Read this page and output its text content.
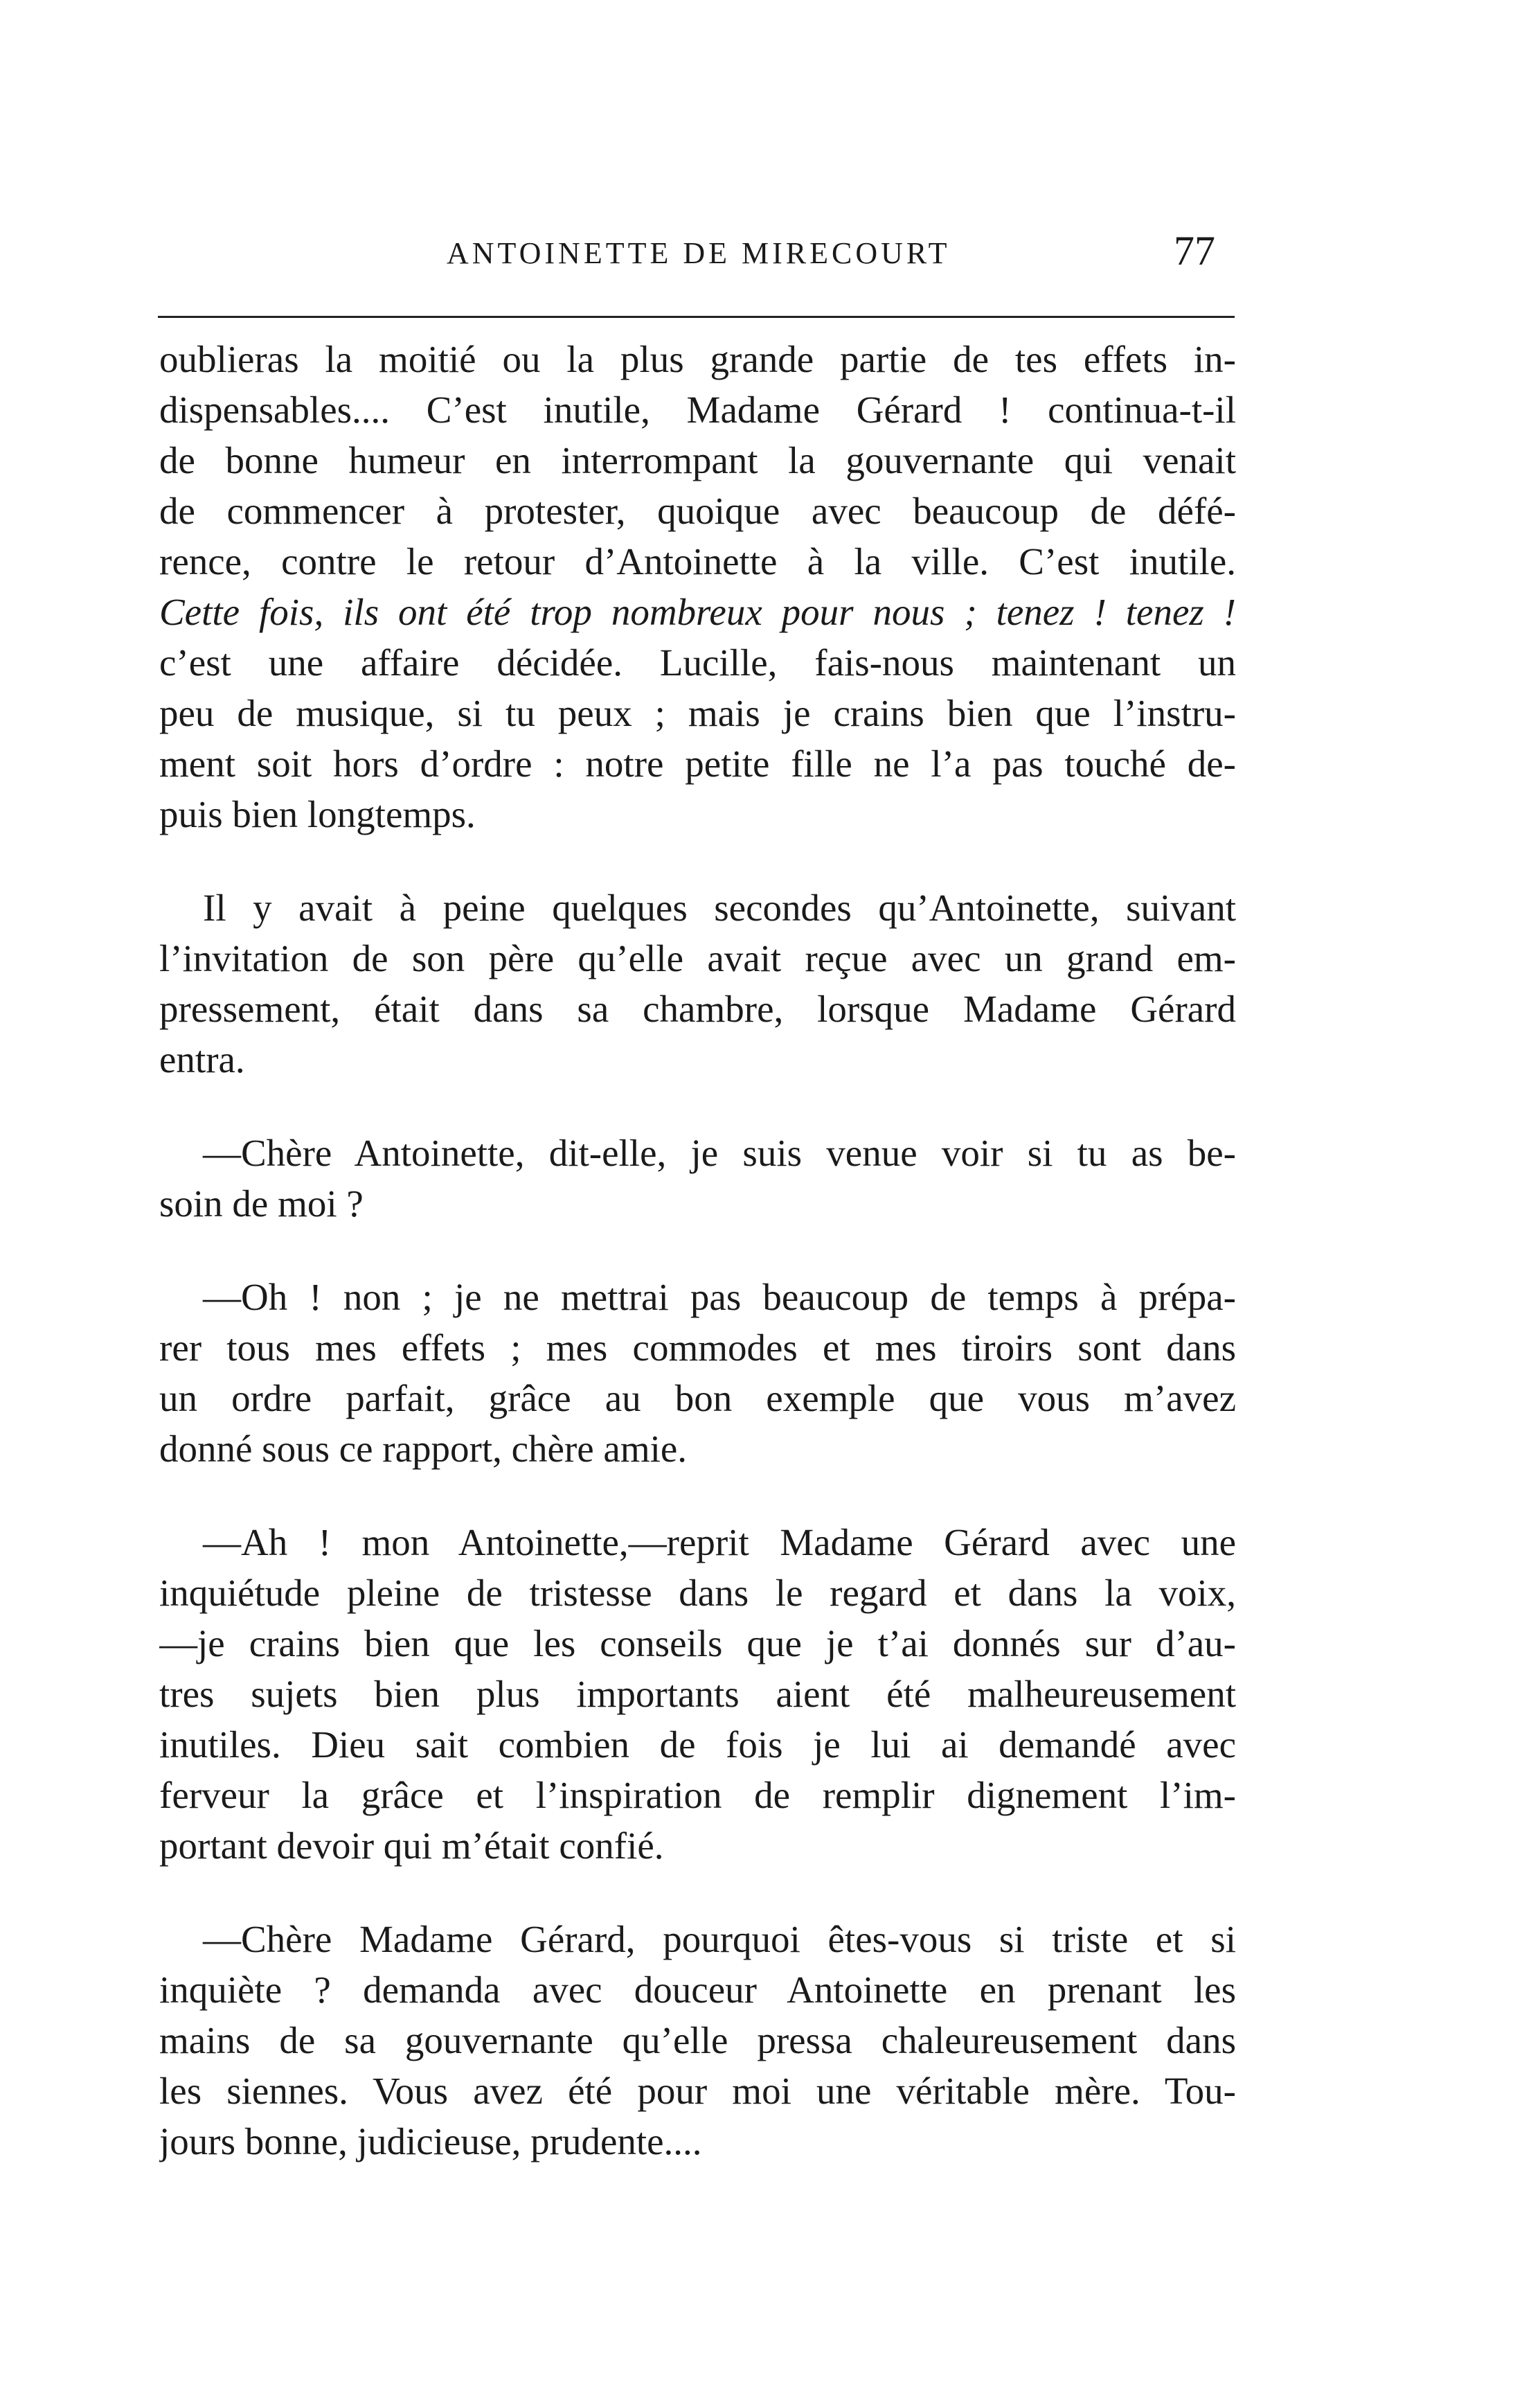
ANTOINETTE DE MIRECOURT	77
oublieras la moitié ou la plus grande partie de tes effets in-
dispensables.... C’est inutile, Madame Gérard ! continua-t-il
de bonne humeur en interrompant la gouvernante qui venait
de commencer à protester, quoique avec beaucoup de défé-
rence, contre le retour d’Antoinette à la ville. C’est inutile.
Cette fois, ils ont été trop nombreux pour nous ; tenez ! tenez !
c’est une affaire décidée. Lucille, fais-nous maintenant un
peu de musique, si tu peux ; mais je crains bien que l’instru-
ment soit hors d’ordre : notre petite fille ne l’a pas touché de-
puis bien longtemps.
Il y avait à peine quelques secondes qu’Antoinette, suivant
l’invitation de son père qu’elle avait reçue avec un grand em-
pressement, était dans sa chambre, lorsque Madame Gérard
entra.
—Chère Antoinette, dit-elle, je suis venue voir si tu as be-
soin de moi ?
—Oh ! non ; je ne mettrai pas beaucoup de temps à prépa-
rer tous mes effets ; mes commodes et mes tiroirs sont dans
un ordre parfait, grâce au bon exemple que vous m’avez
donné sous ce rapport, chère amie.
—Ah ! mon Antoinette,—reprit Madame Gérard avec une
inquiétude pleine de tristesse dans le regard et dans la voix,
—je crains bien que les conseils que je t’ai donnés sur d’au-
tres sujets bien plus importants aient été malheureusement
inutiles. Dieu sait combien de fois je lui ai demandé avec
ferveur la grâce et l’inspiration de remplir dignement l’im-
portant devoir qui m’était confié.
—Chère Madame Gérard, pourquoi êtes-vous si triste et si
inquiète ? demanda avec douceur Antoinette en prenant les
mains de sa gouvernante qu’elle pressa chaleureusement dans
les siennes. Vous avez été pour moi une véritable mère. Tou-
jours bonne, judicieuse, prudente....
